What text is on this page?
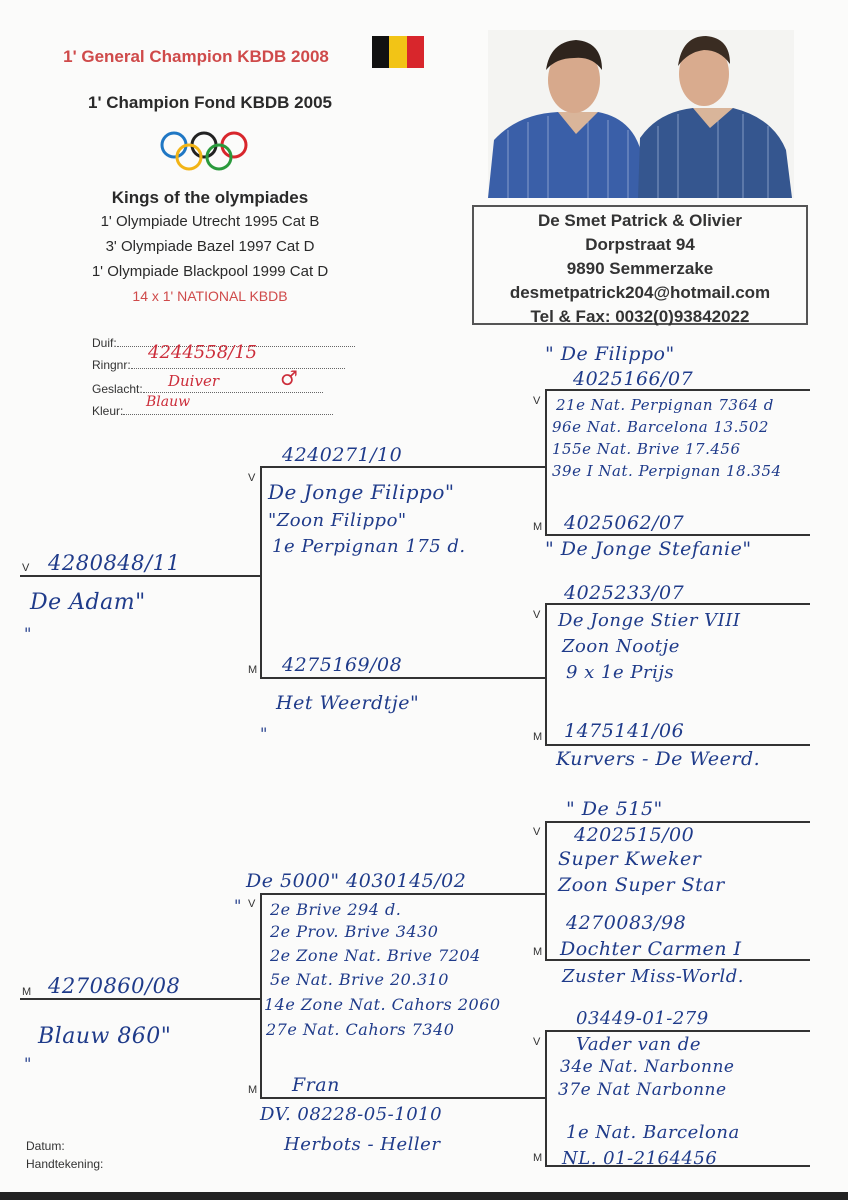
1' General Champion KBDB 2008
1' Champion Fond KBDB 2005
Kings of the olympiades
1' Olympiade Utrecht 1995 Cat B
3' Olympiade Bazel 1997 Cat D
1' Olympiade Blackpool 1999 Cat D
14 x 1' NATIONAL KBDB
De Smet Patrick & Olivier
Dorpstraat 94
9890 Semmerzake
desmetpatrick204@hotmail.com
Tel & Fax: 0032(0)93842022
Duif:
Ringnr:
4244558/15
Geslacht:	Duiver	♂
Kleur:
Blauw
V
M
V
M
V
M
V
M
V
M
V
M
V
M
4280848/11
De Adam"
"
4240271/10
De Jonge Filippo"
"Zoon Filippo"
1e Perpignan 175 d.
4275169/08
Het Weerdtje"
"
" De Filippo"
4025166/07
21e Nat. Perpignan 7364 d
96e Nat. Barcelona 13.502
155e Nat. Brive 17.456
39e I Nat. Perpignan 18.354
4025062/07
" De Jonge Stefanie"
4025233/07
De Jonge Stier VIII
Zoon Nootje
9 x 1e Prijs
1475141/06
Kurvers - De Weerd.
4270860/08
Blauw 860"
"
De 5000" 4030145/02
" 2e Brive 294 d.
2e Prov. Brive 3430
2e Zone Nat. Brive 7204
5e Nat. Brive 20.310
14e Zone Nat. Cahors 2060
27e Nat. Cahors 7340
Fran
DV. 08228-05-1010
Herbots - Heller
" De 515"
4202515/00
Super Kweker
Zoon Super Star
4270083/98
Dochter Carmen I
Zuster Miss-World.
03449-01-279
Vader van de
34e Nat. Narbonne
37e Nat Narbonne
1e Nat. Barcelona
NL. 01-2164456
Datum:
Handtekening:
